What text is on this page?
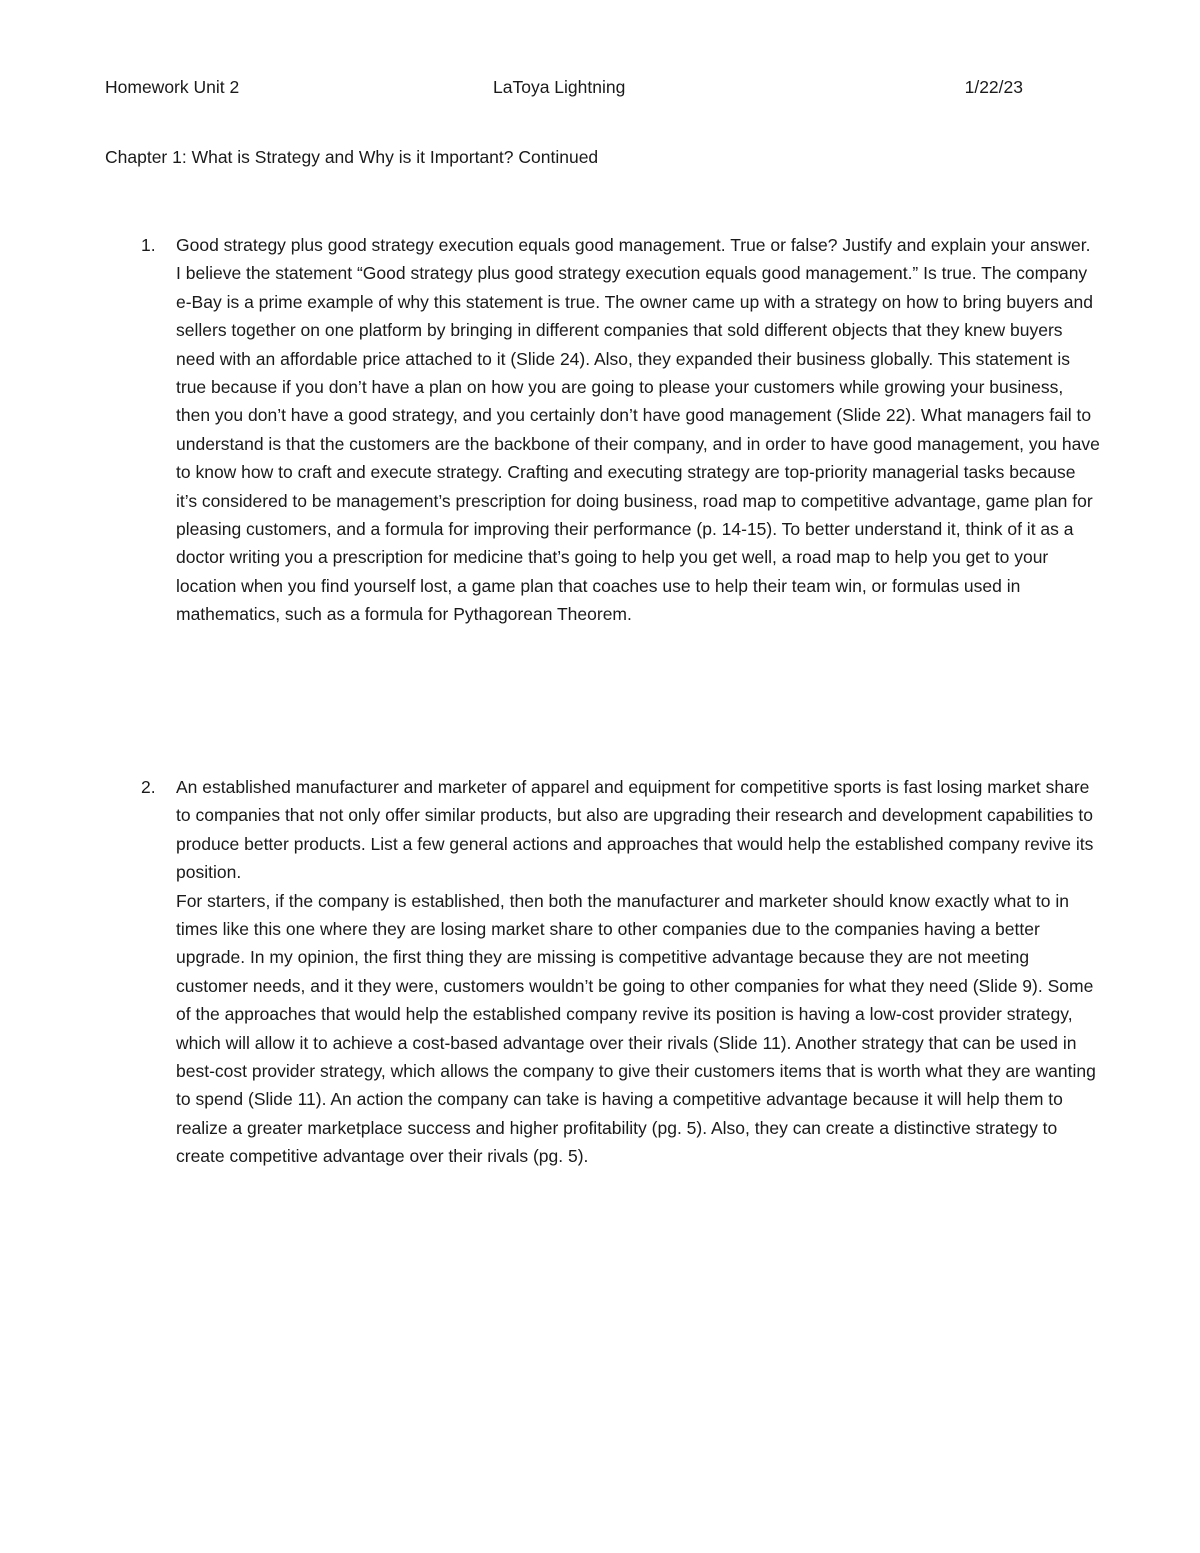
Homework Unit 2	LaToya Lightning	1/22/23
Chapter 1: What is Strategy and Why is it Important? Continued
1. Good strategy plus good strategy execution equals good management. True or false? Justify and explain your answer.

I believe the statement “Good strategy plus good strategy execution equals good management.” Is true. The company e-Bay is a prime example of why this statement is true. The owner came up with a strategy on how to bring buyers and sellers together on one platform by bringing in different companies that sold different objects that they knew buyers need with an affordable price attached to it (Slide 24). Also, they expanded their business globally. This statement is true because if you don’t have a plan on how you are going to please your customers while growing your business, then you don’t have a good strategy, and you certainly don’t have good management (Slide 22). What managers fail to understand is that the customers are the backbone of their company, and in order to have good management, you have to know how to craft and execute strategy. Crafting and executing strategy are top-priority managerial tasks because it’s considered to be management’s prescription for doing business, road map to competitive advantage, game plan for pleasing customers, and a formula for improving their performance (p. 14-15). To better understand it, think of it as a doctor writing you a prescription for medicine that’s going to help you get well, a road map to help you get to your location when you find yourself lost, a game plan that coaches use to help their team win, or formulas used in mathematics, such as a formula for Pythagorean Theorem.

2. An established manufacturer and marketer of apparel and equipment for competitive sports is fast losing market share to companies that not only offer similar products, but also are upgrading their research and development capabilities to produce better products. List a few general actions and approaches that would help the established company revive its position.

For starters, if the company is established, then both the manufacturer and marketer should know exactly what to in times like this one where they are losing market share to other companies due to the companies having a better upgrade. In my opinion, the first thing they are missing is competitive advantage because they are not meeting customer needs, and it they were, customers wouldn’t be going to other companies for what they need (Slide 9). Some of the approaches that would help the established company revive its position is having a low-cost provider strategy, which will allow it to achieve a cost-based advantage over their rivals (Slide 11). Another strategy that can be used in best-cost provider strategy, which allows the company to give their customers items that is worth what they are wanting to spend (Slide 11). An action the company can take is having a competitive advantage because it will help them to realize a greater marketplace success and higher profitability (pg. 5). Also, they can create a distinctive strategy to create competitive advantage over their rivals (pg. 5).
